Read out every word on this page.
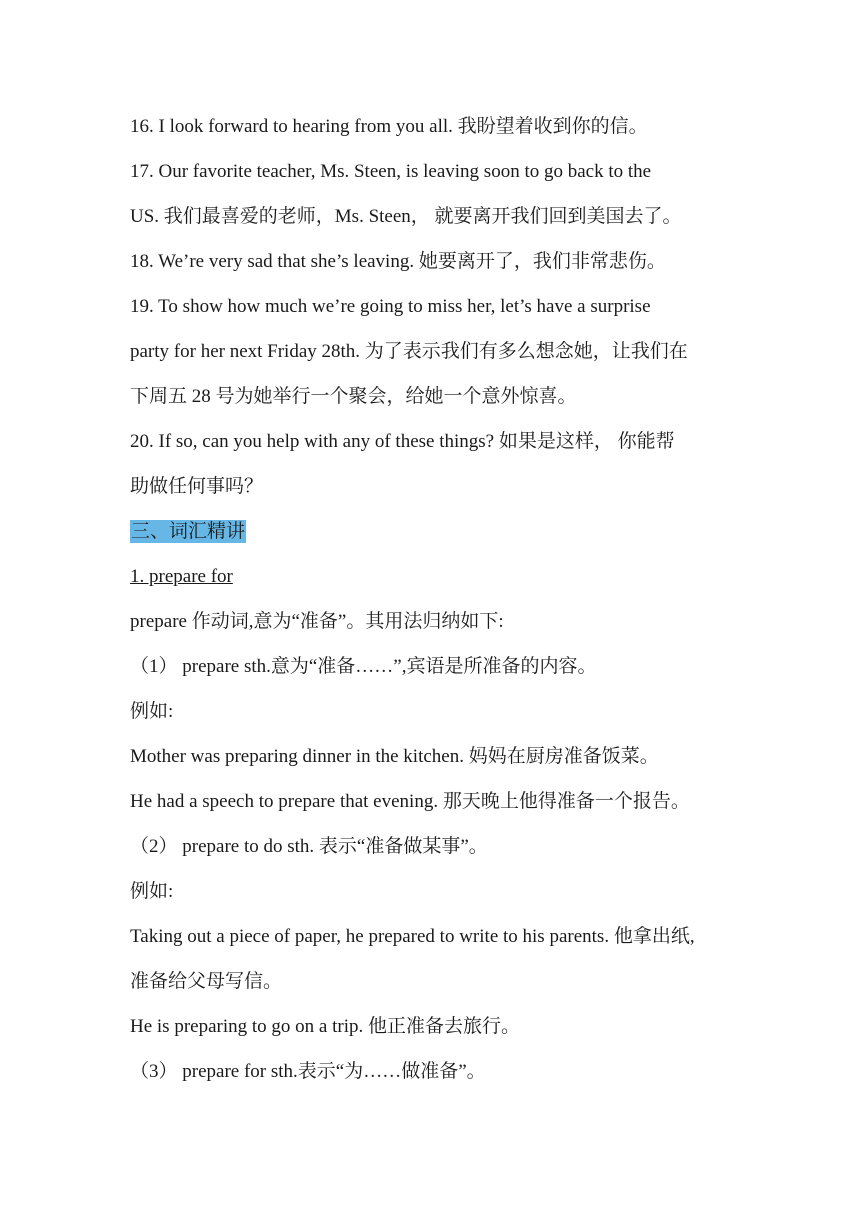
16. I look forward to hearing from you all. 我盼望着收到你的信。
17. Our favorite teacher, Ms. Steen, is leaving soon to go back to the
US. 我们最喜爱的老师，Ms. Steen， 就要离开我们回到美国去了。
18. We’re very sad that she’s leaving. 她要离开了，我们非常悲伤。
19. To show how much we’re going to miss her, let’s have a surprise
party for her next Friday 28th. 为了表示我们有多么想念她，让我们在
下周五 28 号为她举行一个聚会，给她一个意外惊喜。
20. If so, can you help with any of these things? 如果是这样， 你能帮
助做任何事吗？
三、词汇精讲
1. prepare for
prepare 作动词,意为“准备”。其用法归纳如下:
（1） prepare sth.意为“准备……”,宾语是所准备的内容。
例如:
Mother was preparing dinner in the kitchen. 妈妈在厨房准备饭菜。
He had a speech to prepare that evening. 那天晚上他得准备一个报告。
（2） prepare to do sth. 表示“准备做某事”。
例如:
Taking out a piece of paper, he prepared to write to his parents. 他拿出纸,
准备给父母写信。
He is preparing to go on a trip. 他正准备去旅行。
（3） prepare for sth.表示“为……做准备”。
